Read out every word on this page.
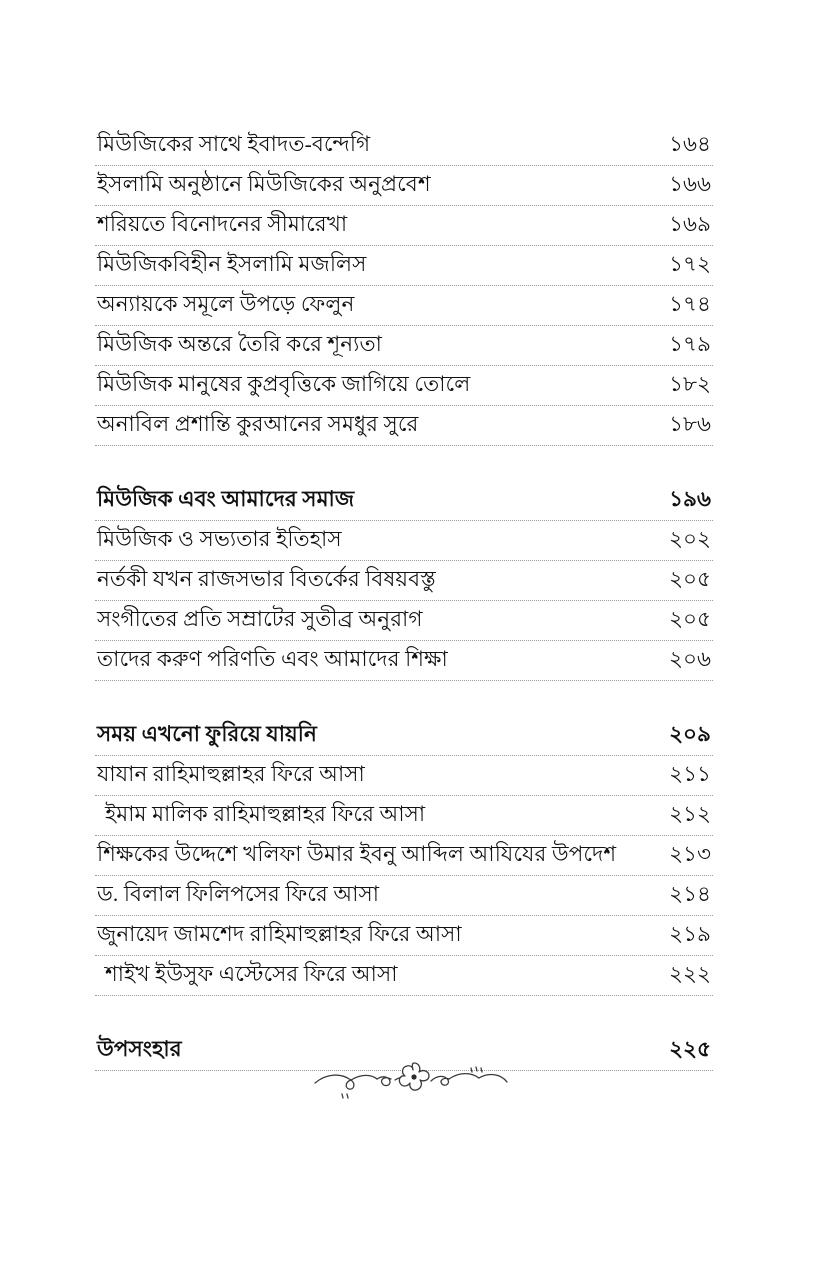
মিউজিকের সাথে ইবাদত-বন্দেগি	১৬৪
ইসলামি অনুষ্ঠানে মিউজিকের অনুপ্রবেশ	১৬৬
শরিয়তে বিনোদনের সীমারেখা	১৬৯
মিউজিকবিহীন ইসলামি মজলিস	১৭২
অন্যায়কে সমূলে উপড়ে ফেলুন	১৭৪
মিউজিক অন্তরে তৈরি করে শূন্যতা	১৭৯
মিউজিক মানুষের কুপ্রবৃত্তিকে জাগিয়ে তোলে	১৮২
অনাবিল প্রশান্তি কুরআনের সমধুর সুরে	১৮৬
মিউজিক এবং আমাদের সমাজ	১৯৬
মিউজিক ও সভ্যতার ইতিহাস	২০২
নর্তকী যখন রাজসভার বিতর্কের বিষয়বস্তু	২০৫
সংগীতের প্রতি সম্রাটের সুতীব্র অনুরাগ	২০৫
তাদের করুণ পরিণতি এবং আমাদের শিক্ষা	২০৬
সময় এখনো ফুরিয়ে যায়নি	২০৯
যাযান রাহিমাহুল্লাহর ফিরে আসা	২১১
ইমাম মালিক রাহিমাহুল্লাহর ফিরে আসা	২১২
শিক্ষকের উদ্দেশে খলিফা উমার ইবনু আব্দিল আযিযের উপদেশ ২১৩
ড. বিলাল ফিলিপসের ফিরে আসা	২১৪
জুনায়েদ জামশেদ রাহিমাহুল্লাহর ফিরে আসা	২১৯
শাইখ ইউসুফ এস্টেসের ফিরে আসা	২২২
উপসংহার	২২৫
